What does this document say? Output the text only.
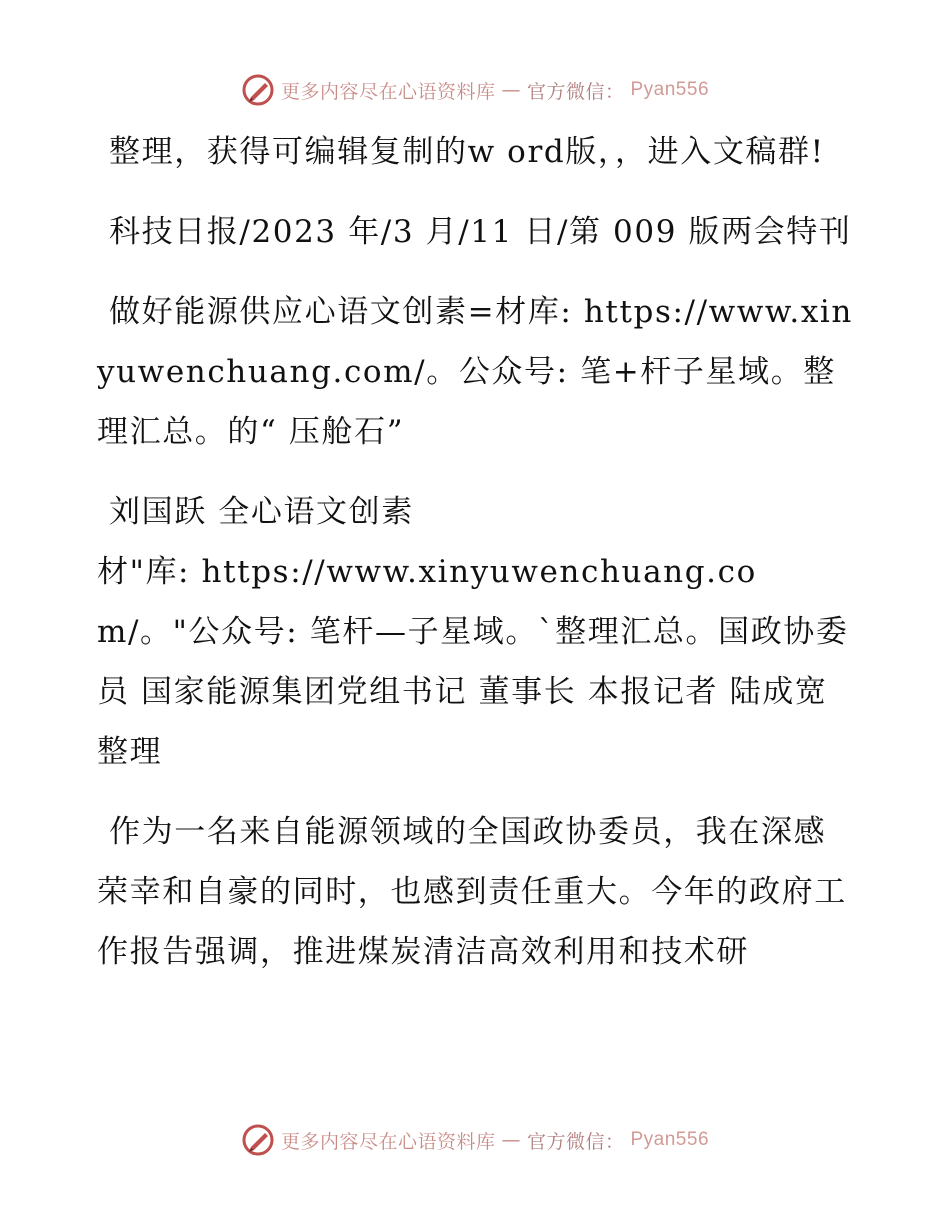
更多内容尽在心语资料库 — 官方微信： Pyan556

整理，获得可编辑复制的w ord版，，进入文稿群!

科技日报/2023 年/3 月/11 日/第 009 版两会特刊

做好能源供应心语文创素=材库: https://www.xinyuwenchuang.com/。公众号: 笔+杆子星域。整理汇总。的“ 压舱石”

刘国跃 全心语文创素

材"库: https://www.xinyuwenchuang.com/。"公众号: 笔杆—子星域。`整理汇总。国政协委员 国家能源集团党组书记 董事长 本报记者 陆成宽 整理

作为一名来自能源领域的全国政协委员，我在深感荣幸和自豪的同时，也感到责任重大。今年的政府工作报告强调，推进煤炭清洁高效利用和技术研

更多内容尽在心语资料库 — 官方微信： Pyan556
